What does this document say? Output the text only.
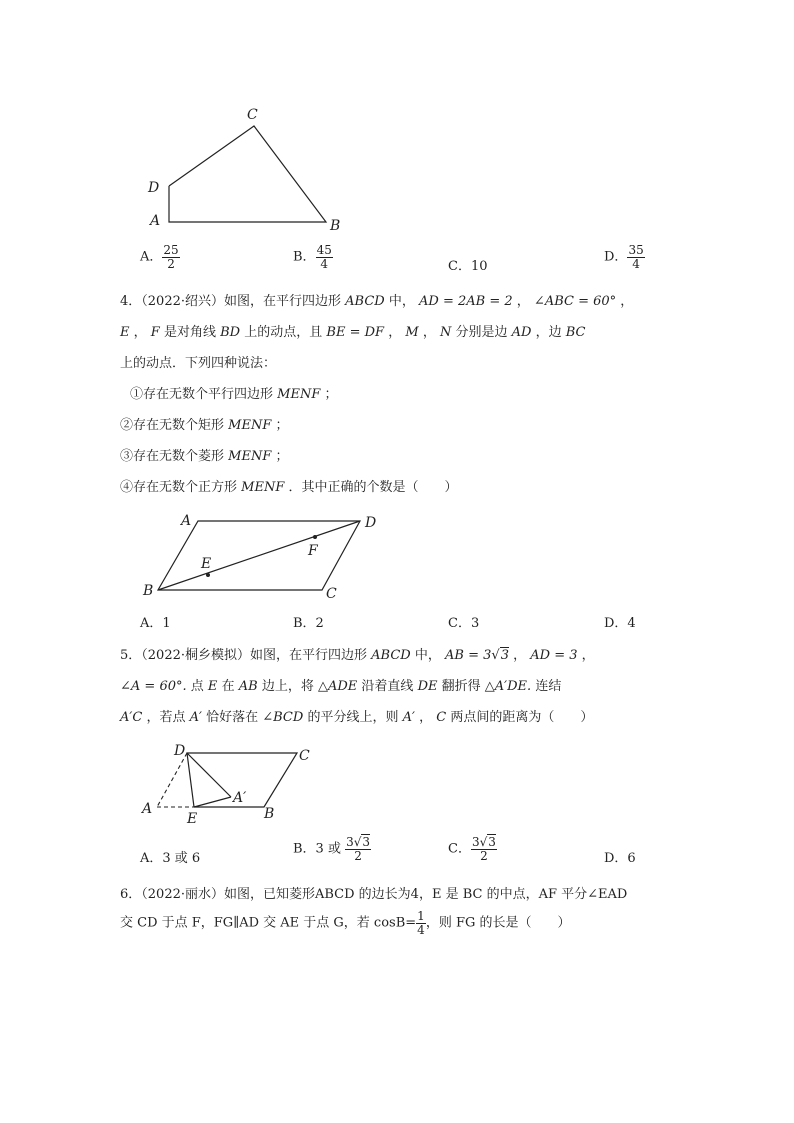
C
D
A	B
A． $\frac{25}{2}$	B． $\frac{45}{4}$	C．10
D． $\frac{35}{4}$
4．（2022·绍兴）如图，在平行四边形 ABCD 中， AD = 2AB = 2 ， ∠ABC = 60° ，
E ， F 是对角线 BD 上的动点，且 BE = DF ， M ， N 分别是边 AD ，边 BC
上的动点．下列四种说法：
①存在无数个平行四边形 MENF ；
②存在无数个矩形 MENF ；
③存在无数个菱形 MENF ；
④存在无数个正方形 MENF ．其中正确的个数是（　　）
A	D
E
F
B	C
A．1	B．2	C．3	D．4
5．（2022·桐乡模拟）如图，在平行四边形 ABCD 中， AB = 3√3 ， AD = 3 ，
∠A = 60°. 点 E 在 AB 边上，将 △ADE 沿着直线 DE 翻折得 △A′DE. 连结
A′C ，若点 A′ 恰好落在 ∠BCD 的平分线上，则 A′ ， C 两点间的距离为（　　）
D	C
A′
A
E	B
A．3 或 6
B．3 或 $\frac{3√3}{2}$	C． $\frac{3√3}{2}$	D．6
6．（2022·丽水）如图，已知菱形ABCD 的边长为4，E 是 BC 的中点，AF 平分∠EAD
交 CD 于点 F，FG∥AD 交 AE 于点 G，若 $\cos B= \frac{1}{4}$ ，则 FG 的长是（　　）
